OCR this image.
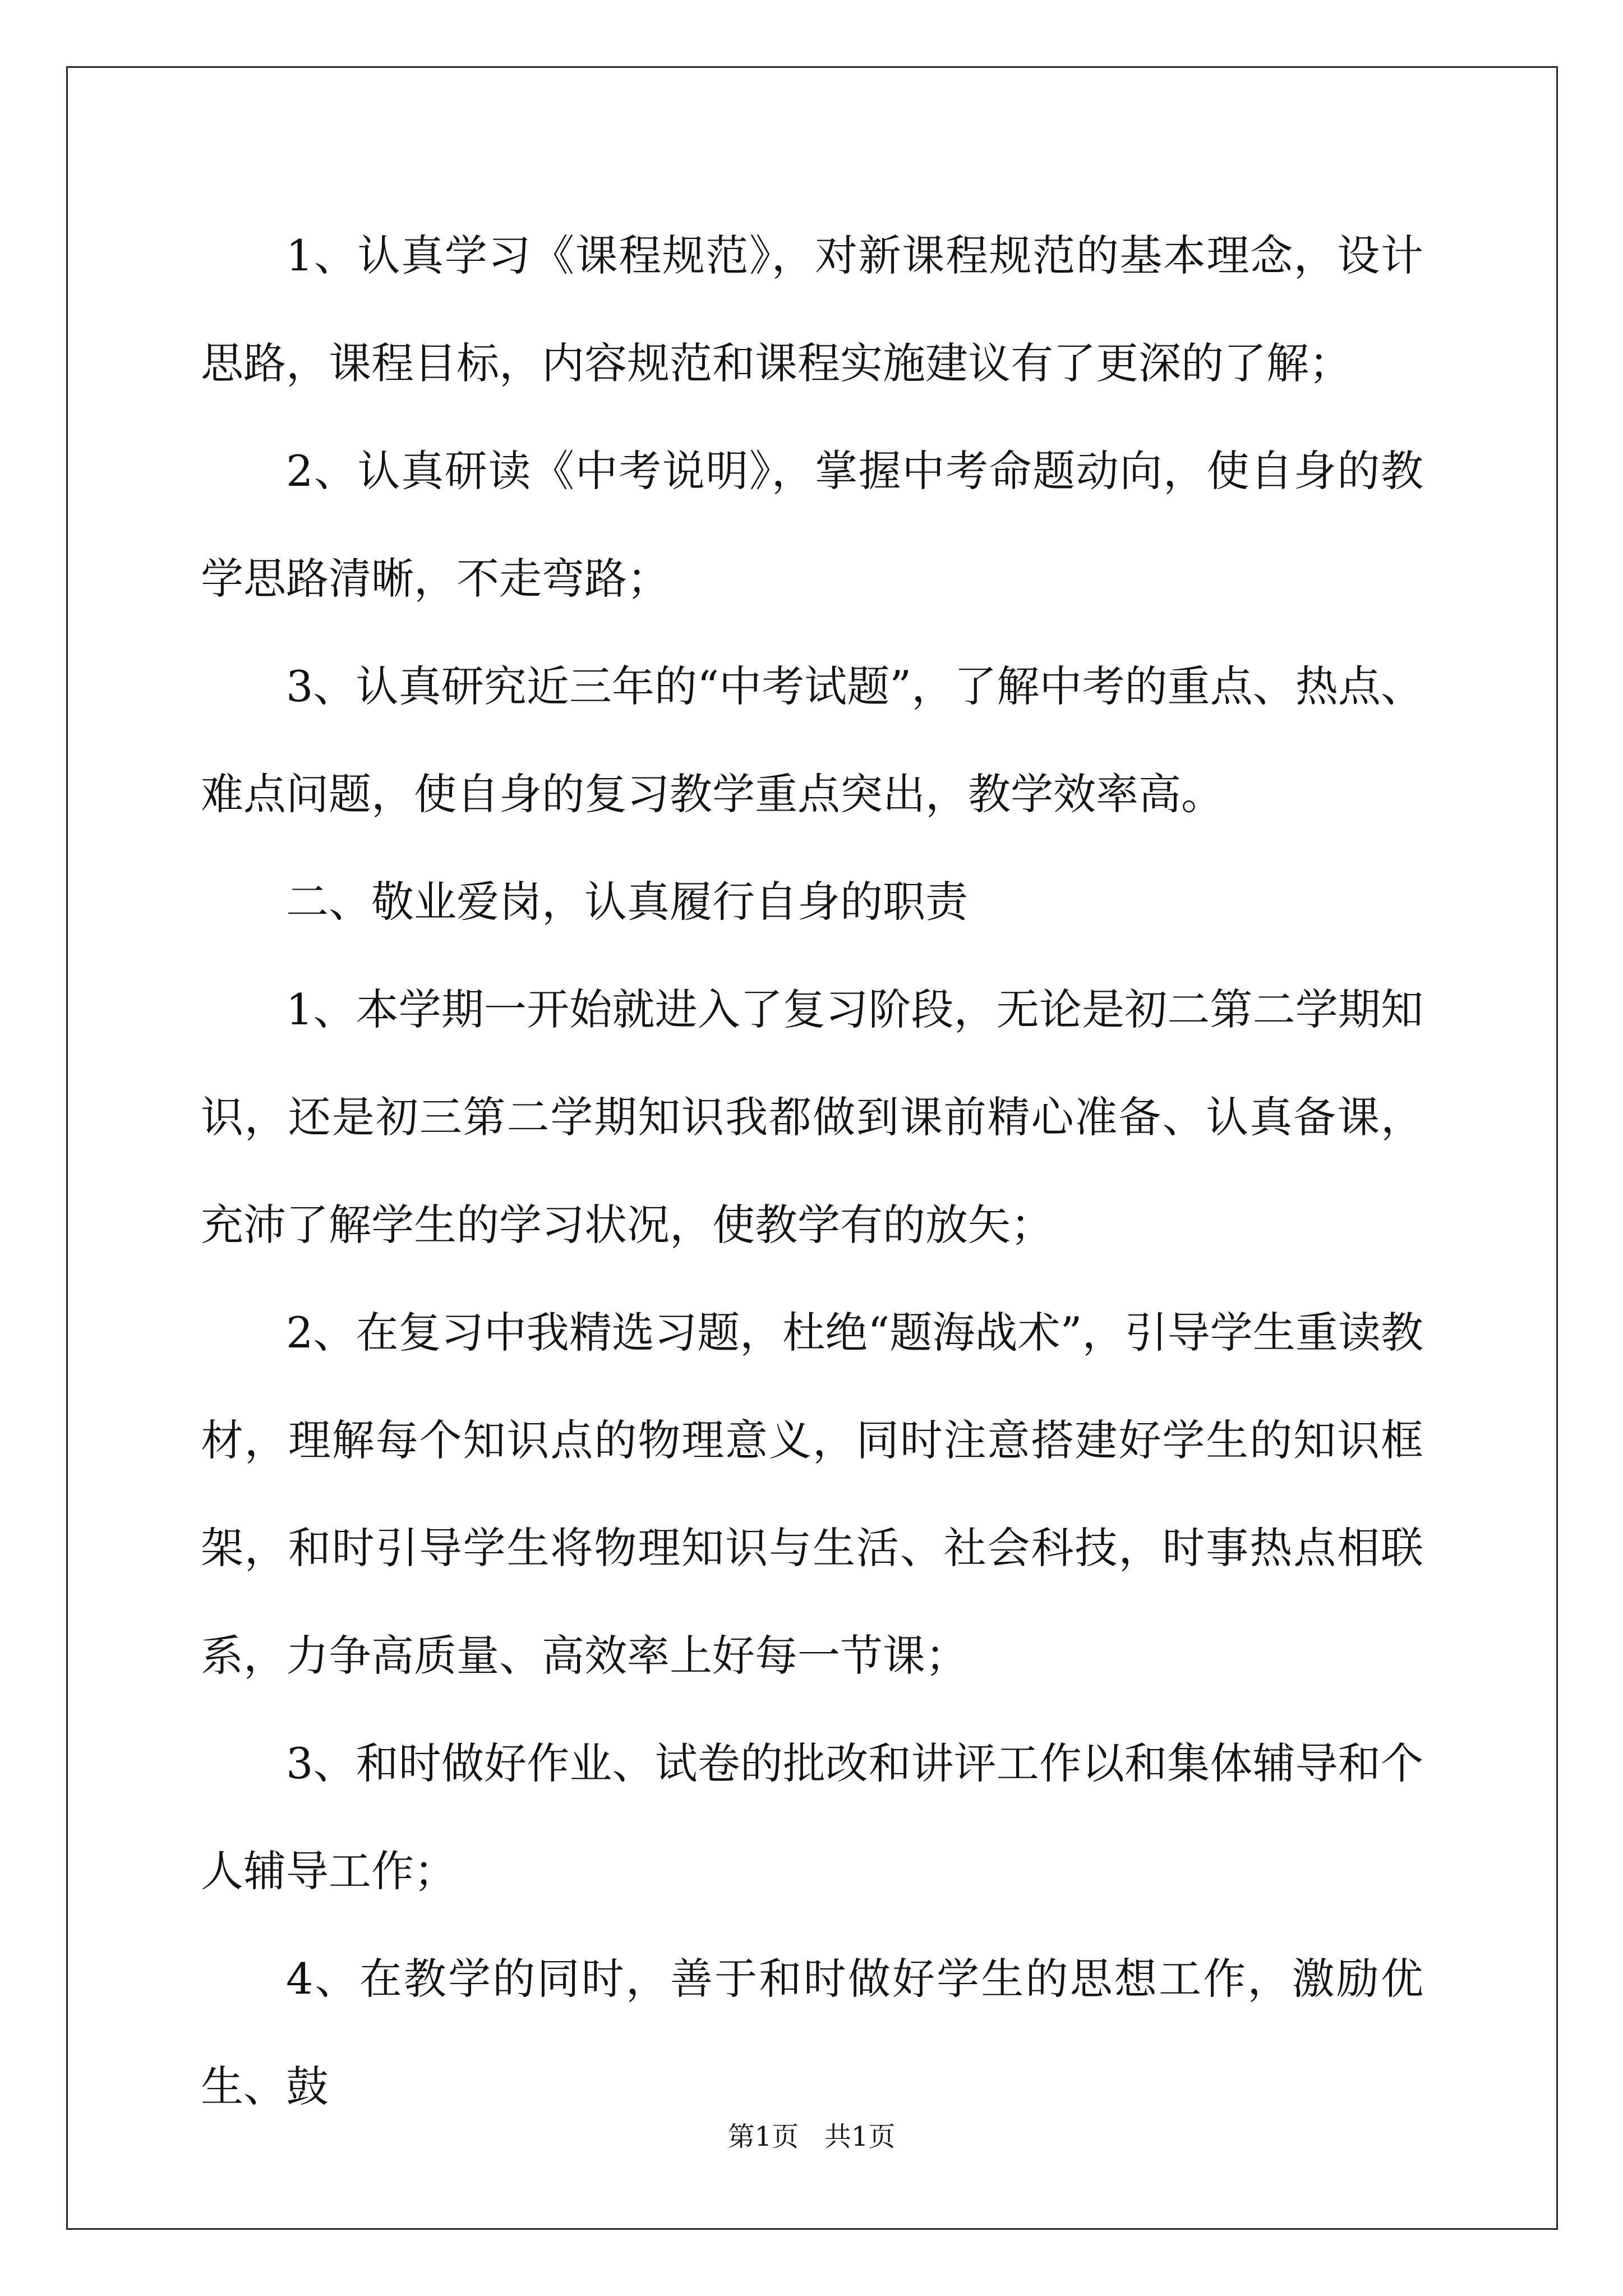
1、认真学习《课程规范》，对新课程规范的基本理念，设计思路，课程目标，内容规范和课程实施建议有了更深的了解；

2、认真研读《中考说明》，掌握中考命题动向，使自身的教学思路清晰，不走弯路；

3、认真研究近三年的“中考试题”，了解中考的重点、热点、难点问题，使自身的复习教学重点突出，教学效率高。

二、敬业爱岗，认真履行自身的职责

1、本学期一开始就进入了复习阶段，无论是初二第二学期知识，还是初三第二学期知识我都做到课前精心准备、认真备课，充沛了解学生的学习状况，使教学有的放矢；

2、在复习中我精选习题，杜绝“题海战术”，引导学生重读教材，理解每个知识点的物理意义，同时注意搭建好学生的知识框架，和时引导学生将物理知识与生活、社会科技，时事热点相联系，力争高质量、高效率上好每一节课；

3、和时做好作业、试卷的批改和讲评工作以和集体辅导和个人辅导工作；

4、在教学的同时，善于和时做好学生的思想工作，激励优生、鼓

第1页   共1页
